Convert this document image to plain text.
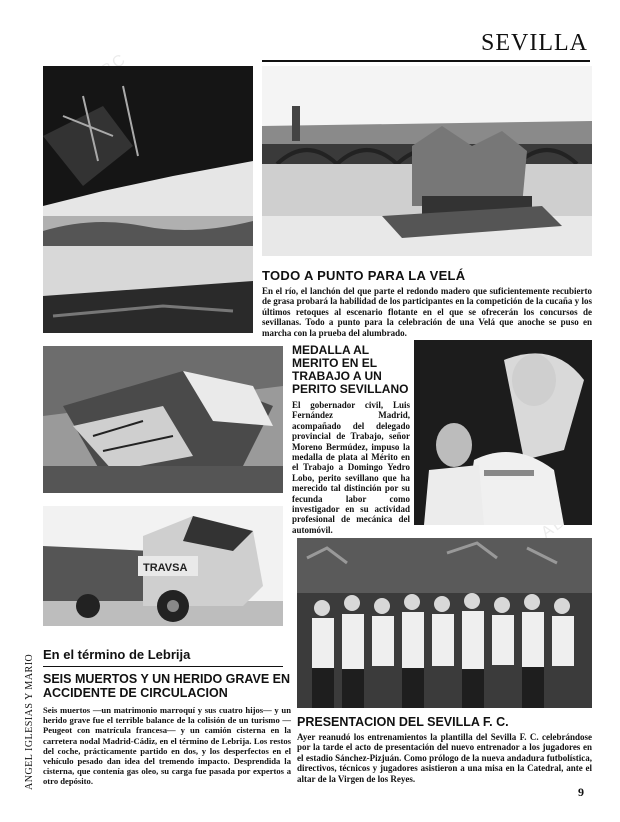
SEVILLA
ANGEL IGLESIAS Y MARIO
TODO A PUNTO PARA LA VELÁ
En el río, el lanchón del que parte el redondo madero que suficientemente recubierto de grasa probará la habilidad de los participantes en la competición de la cucaña y los últimos retoques al escenario flotante en el que se ofrecerán los concursos de sevillanas. Todo a punto para la celebración de una Velá que anoche se puso en marcha con la prueba del alumbrado.
MEDALLA AL MERITO EN EL TRABAJO A UN PERITO SEVILLANO
El gobernador civil, Luis Fernández Madrid, acompañado del delegado provincial de Trabajo, señor Moreno Bermúdez, impuso la medalla de plata al Mérito en el Trabajo a Domingo Yedro Lobo, perito sevillano que ha merecido tal distinción por su fecunda labor como investigador en su actividad profesional de mecánica del automóvil.
TRAVSA
En el término de Lebrija
SEIS MUERTOS Y UN HERIDO GRAVE EN ACCIDENTE DE CIRCULACION
Seis muertos —un matrimonio marroquí y sus cuatro hijos— y un herido grave fue el terrible balance de la colisión de un turismo —Peugeot con matrícula francesa— y un camión cisterna en la carretera nodal Madrid-Cádiz, en el término de Lebrija. Los restos del coche, prácticamente partido en dos, y los desperfectos en el vehículo pesado dan idea del tremendo impacto. Desprendida la cisterna, que contenía gas oleo, su carga fue pasada por expertos a otro depósito.
PRESENTACION DEL SEVILLA F. C.
Ayer reanudó los entrenamientos la plantilla del Sevilla F. C. celebrándose por la tarde el acto de presentación del nuevo entrenador a los jugadores en el estadio Sánchez-Pizjuán. Como prólogo de la nueva andadura futbolística, directivos, técnicos y jugadores asistieron a una misa en la Catedral, ante el altar de la Virgen de los Reyes.
9
